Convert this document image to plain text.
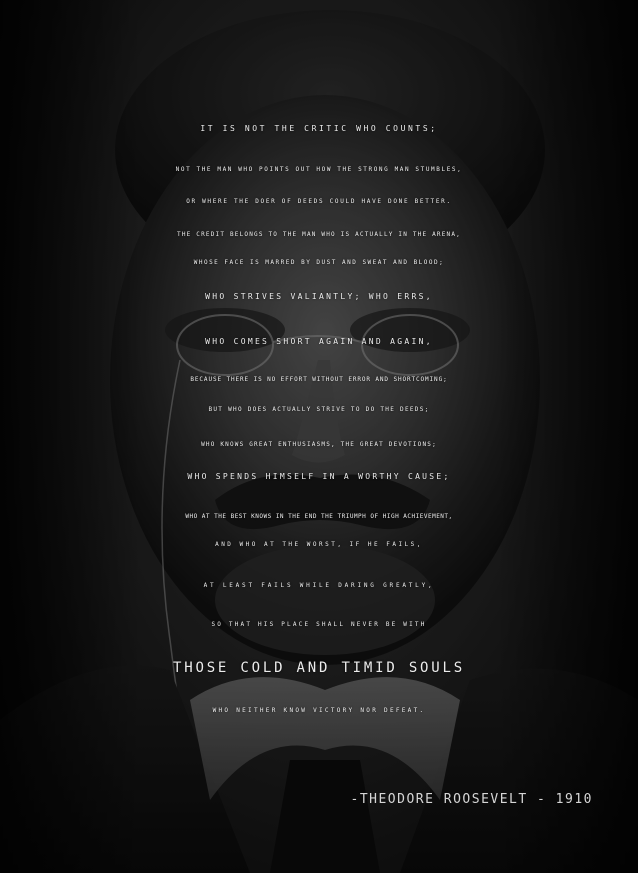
IT IS NOT THE CRITIC WHO COUNTS;
NOT THE MAN WHO POINTS OUT HOW THE STRONG MAN STUMBLES,
OR WHERE THE DOER OF DEEDS COULD HAVE DONE BETTER.
THE CREDIT BELONGS TO THE MAN WHO IS ACTUALLY IN THE ARENA,
WHOSE FACE IS MARRED BY DUST AND SWEAT AND BLOOD;
WHO STRIVES VALIANTLY; WHO ERRS,
WHO COMES SHORT AGAIN AND AGAIN,
BECAUSE THERE IS NO EFFORT WITHOUT ERROR AND SHORTCOMING;
BUT WHO DOES ACTUALLY STRIVE TO DO THE DEEDS;
WHO KNOWS GREAT ENTHUSIASMS, THE GREAT DEVOTIONS;
WHO SPENDS HIMSELF IN A WORTHY CAUSE;
WHO AT THE BEST KNOWS IN THE END THE TRIUMPH OF HIGH ACHIEVEMENT,
AND WHO AT THE WORST, IF HE FAILS,
AT LEAST FAILS WHILE DARING GREATLY,
SO THAT HIS PLACE SHALL NEVER BE WITH
THOSE COLD AND TIMID SOULS
WHO NEITHER KNOW VICTORY NOR DEFEAT.
-THEODORE ROOSEVELT - 1910
